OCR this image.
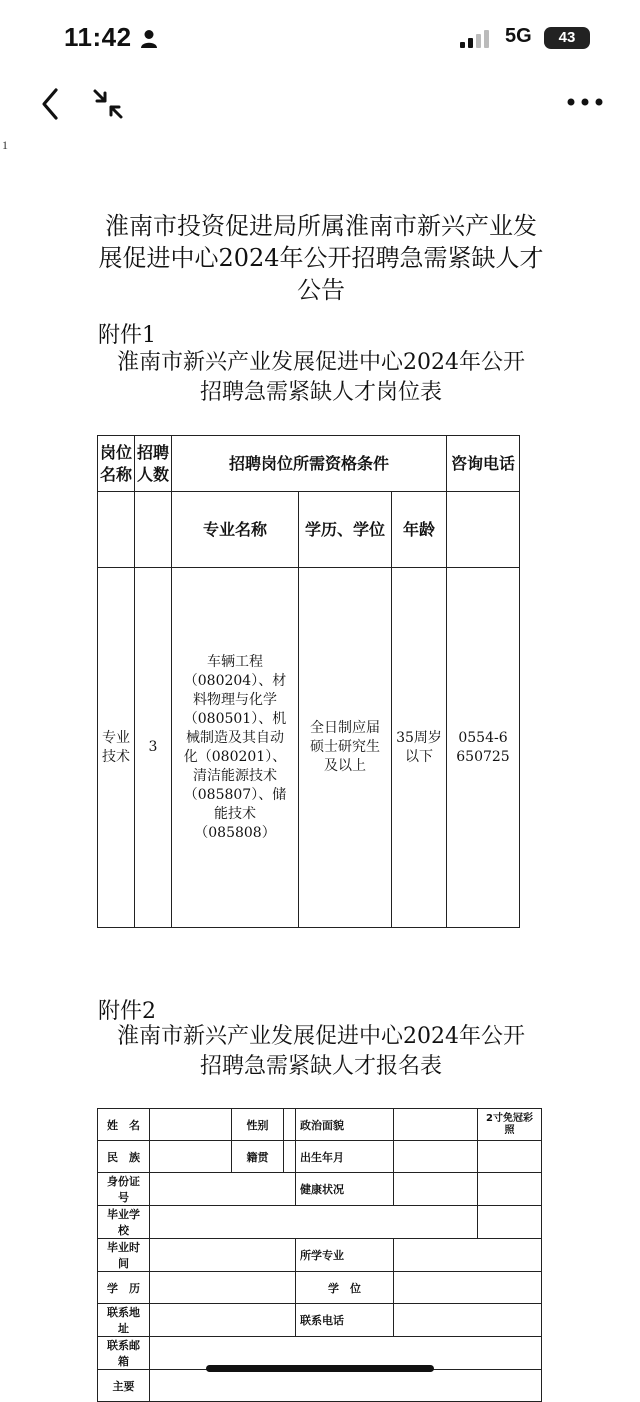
11:42	5G	43
1
淮南市投资促进局所属淮南市新兴产业发
展促进中心2024年公开招聘急需紧缺人才
公告
附件1
淮南市新兴产业发展促进中心2024年公开
招聘急需紧缺人才岗位表
岗位名称	招聘人数	招聘岗位所需资格条件			咨询电话
		专业名称	学历、学位	年龄	
专业技术	3	车辆工程（080204）、材料物理与化学（080501）、机械制造及其自动化（080201）、清洁能源技术（085807）、储能技术（085808）	全日制应届硕士研究生及以上	35周岁以下	0554-6650725
附件2
淮南市新兴产业发展促进中心2024年公开
招聘急需紧缺人才报名表
姓　名		性别		政治面貌		2寸免冠彩照
民　族		籍贯		出生年月		
身份证号				健康状况		
毕业学校						
毕业时间				所学专业		
学　历				学　位		
联系地址				联系电话		
联系邮箱						
主要						
